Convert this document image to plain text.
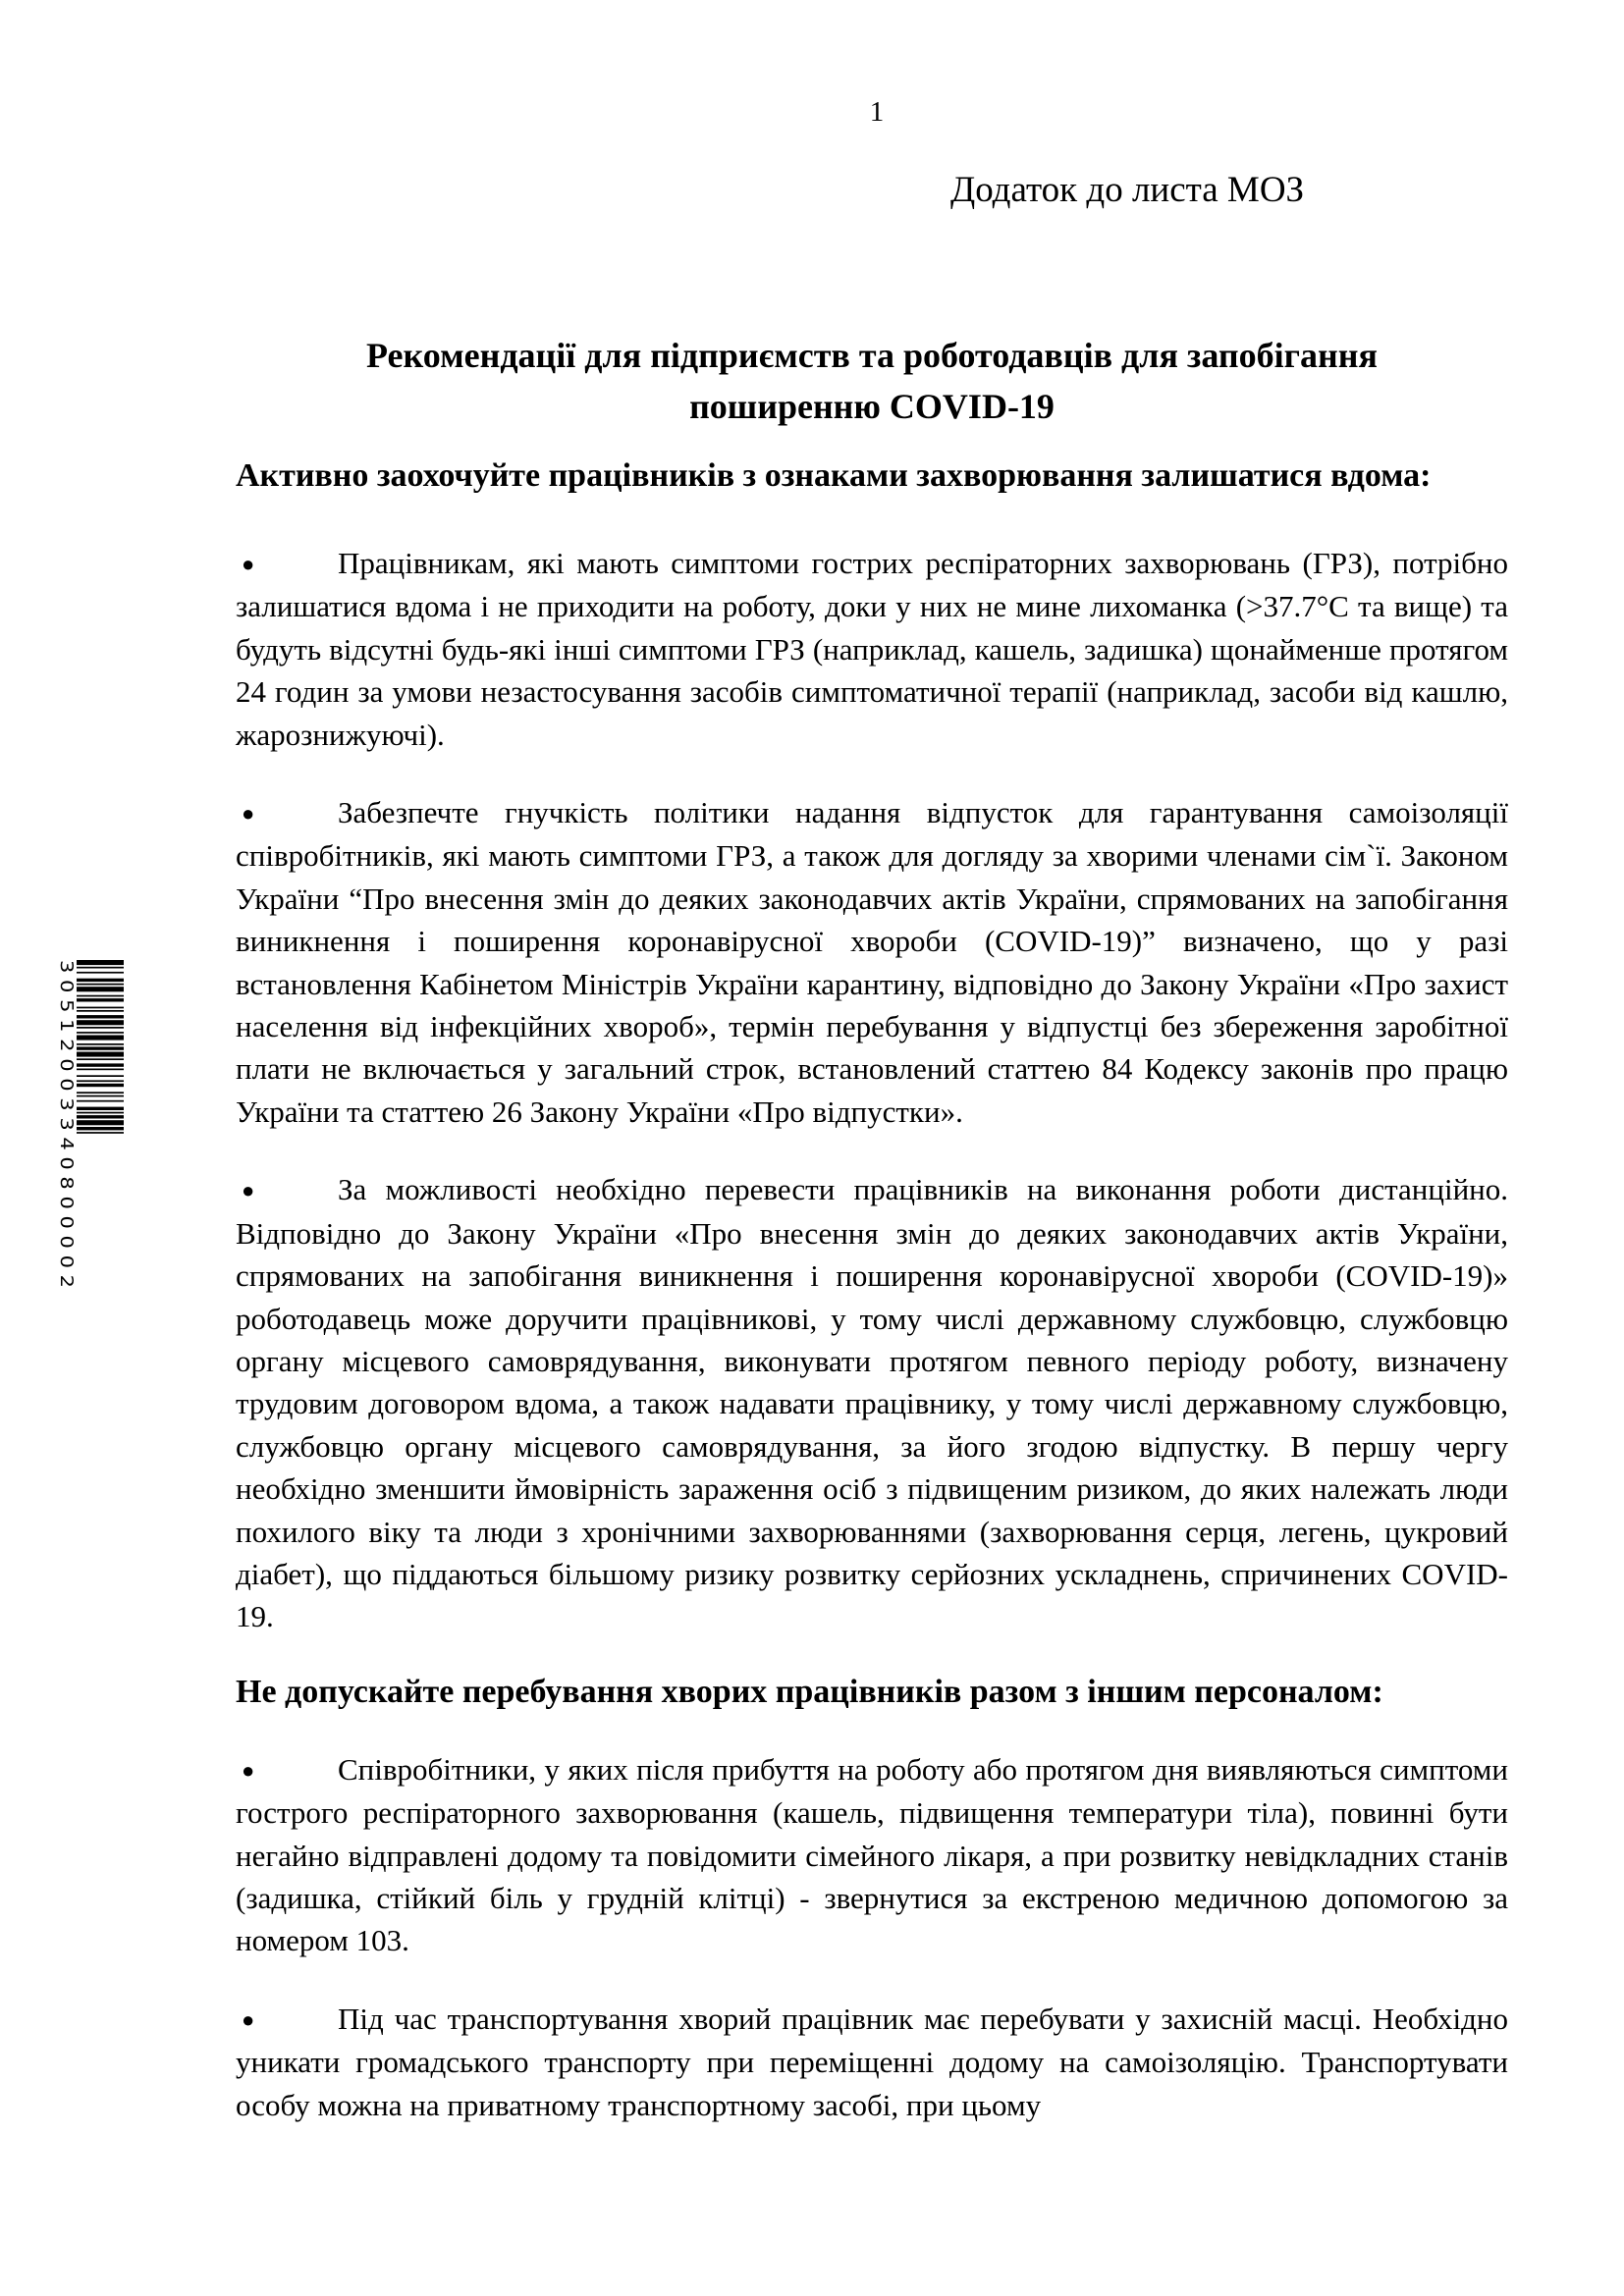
1
Додаток до листа МОЗ
Рекомендації для підприємств та роботодавців для запобігання
поширенню COVID-19
Активно заохочуйте працівників з ознаками захворювання залишатися вдома:

●	Працівникам, які мають симптоми гострих респіраторних захворювань (ГРЗ), потрібно залишатися вдома і не приходити на роботу, доки у них не мине лихоманка (>37.7°С та вище) та будуть відсутні будь-які інші симптоми ГРЗ (наприклад, кашель, задишка) щонайменше протягом 24 годин за умови незастосування засобів симптоматичної терапії (наприклад, засоби від кашлю, жарознижуючі).

●	Забезпечте гнучкість політики надання відпусток для гарантування самоізоляції співробітників, які мають симптоми ГРЗ, а також для догляду за хворими членами сім`ї. Законом України “Про внесення змін до деяких законодавчих актів України, спрямованих на запобігання виникнення і поширення коронавірусної хвороби (COVID-19)” визначено, що у разі встановлення Кабінетом Міністрів України карантину, відповідно до Закону України «Про захист населення від інфекційних хвороб», термін перебування у відпустці без збереження заробітної плати не включається у загальний строк, встановлений статтею 84 Кодексу законів про працю України та статтею 26 Закону України «Про відпустки».

●	За можливості необхідно перевести працівників на виконання роботи дистанційно. Відповідно до Закону України «Про внесення змін до деяких законодавчих актів України, спрямованих на запобігання виникнення і поширення коронавірусної хвороби (COVID-19)» роботодавець може доручити працівникові, у тому числі державному службовцю, службовцю органу місцевого самоврядування, виконувати протягом певного періоду роботу, визначену трудовим договором вдома, а також надавати працівнику, у тому числі державному службовцю, службовцю органу місцевого самоврядування, за його згодою відпустку. В першу чергу необхідно зменшити ймовірність зараження осіб з підвищеним ризиком, до яких належать люди похилого віку та люди з хронічними захворюваннями (захворювання серця, легень, цукровий діабет), що піддаються більшому ризику розвитку серйозних ускладнень, спричинених COVID-19.

Не допускайте перебування хворих працівників разом з іншим персоналом:

●	Співробітники, у яких після прибуття на роботу або протягом дня виявляються симптоми гострого респіраторного захворювання (кашель, підвищення температури тіла), повинні бути негайно відправлені додому та повідомити сімейного лікаря, а при розвитку невідкладних станів (задишка, стійкий біль у грудній клітці) - звернутися за екстреною медичною допомогою за номером 103.

●	Під час транспортування хворий працівник має перебувати у захисній масці. Необхідно уникати громадського транспорту при переміщенні додому на самоізоляцію. Транспортувати особу можна на приватному транспортному засобі, при цьому

3 0 5 1 2 0 0 3 3 4 0 8 0 0 0 0 2
